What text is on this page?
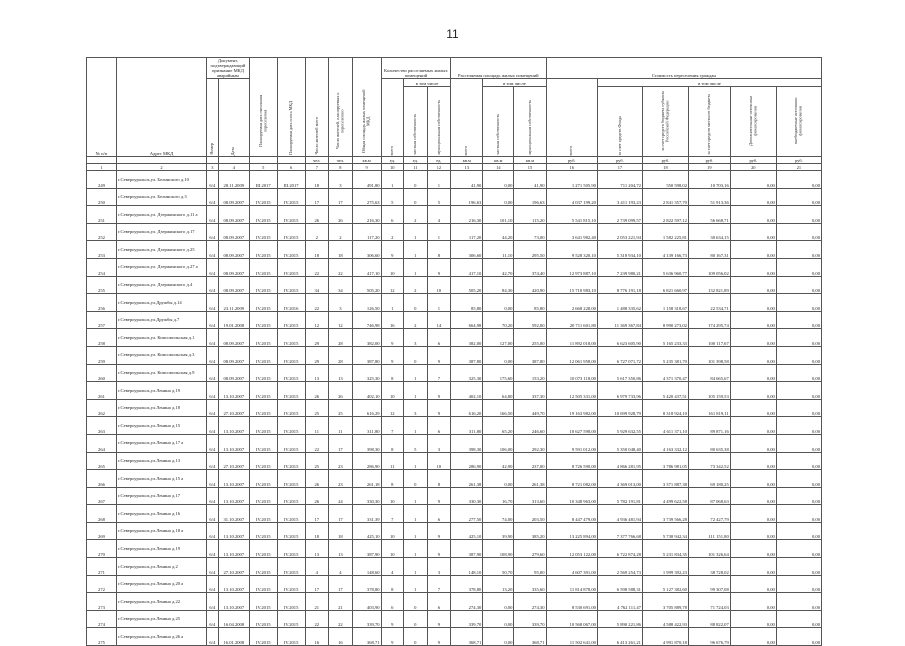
11
№ п/п	Адрес МКД	Документ, подтверждающий признание МКД аварийным		Планируемая дата окончания переселения	Планируемая дата сноса МКД	Число жителей всего	Число жителей, планируемых к переселению	Общая площадь жилых помещений МКД	Количество расселяемых жилых помещений			Расселяемая площадь жилых помещений			Стоимость переселения граждан					
		Номер	Дата						всего	в том числе		всего	в том числе		всего	в том числе				
										частная собственность	муниципальная собственность		частная собственность	муниципальная собственность		за счет средств Фонда	за счет средств бюджета субъекта Российской Федерации	за счет средств местного бюджета	Дополнительные источники финансирования	внебюджетные источники финансирования
						чел.	чел.	кв.м	ед.	ед.	ед.	кв.м	кв.м	кв.м	руб.	руб.	руб.	руб.	руб.	руб.
1	2	3	4	5	6	7	8	9	10	11	12	13	14	15	16	17	18	19	20	21
249	г.Североуральск,ул. Белинского д.10	6/4	28.11.2009	III.2017	III.2017	18	3	491,80	1	0	1	41,90	0,00	41,90	1 271 505,90	711 204,72	550 598,02	10 703,16	0,00	0,00
250	г.Североуральск,ул. Белинского д.3	6/4	08.09.2007	IV.2015	IV.2015	17	17	275,63	5	0	5	196,63	0,00	196,63	4 037 199,20	3 411 193,23	2 841 357,70	51 913,36	0,00	0,00
251	г.Североуральск,ул. Дзержинского д.11 а	6/4	08.09.2007	IV.2015	IV.2015	26	26	216,30	6	2	4	216,30	101,10	115,20	5 541 815,10	2 739 099,57	2 822 597,12	56 668,71	0,00	0,00
252	г.Североуральск,ул. Дзержинского д.17	6/4	08.09.2007	IV.2015	IV.2015	2	2	117,20	2	1	1	117,20	44,20	73,00	3 641 982,40	2 053 221,94	1 582 225,81	30 634,15	0,00	0,00
253	г.Североуральск,ул. Дзержинского д.25	6/4	08.09.2007	IV.2015	IV.2015	18	18	306,60	9	1	8	306,60	11,10	295,50	9 528 320,10	5 318 934,10	4 139 166,73	80 167,31	0,00	0,00
254	г.Североуральск,ул. Дзержинского д.27 а	6/4	08.09.2007	IV.2015	IV.2015	22	22	417,10	10	1	9	417,10	42,70	374,40	12 973 887,10	7 239 980,21	5 636 960,77	109 056,02	0,00	0,00
255	г.Североуральск,ул. Дзержинского д.4	6/4	08.09.2007	IV.2015	IV.2015	34	34	505,20	12	2	10	505,20	84,30	420,90	15 710 983,10	8 776 191,18	6 821 660,97	132 821,89	0,00	0,00
256	г.Североуральск,ул.Дружбы д.14	6/4	23.11.2009	IV.2015	IV.2016	22	3	126,50	1	0	1	85,80	0,00	85,80	2 668 228,00	1 488 335,62	1 158 318,67	22 534,71	0,00	0,00
257	г.Североуральск,ул.Дружбы д.7	6/4	19.01.2008	IV.2015	IV.2015	12	12	746,98	16	2	14	664,98	70,20	592,00	20 711 601,80	11 369 367,84	8 990 273,02	174 295,74	0,00	0,00
258	г.Североуральск,ул. Комсомольская д.1	6/4	08.09.2007	IV.2015	IV.2015	29	28	382,00	9	3	6	382,00	127,00	255,00	11 892 018,00	6 623 605,90	5 165 233,33	100 117,67	0,00	0,00
259	г.Североуральск,ул. Комсомольская д.3	6/4	08.09.2007	IV.2015	IV.2015	29	28	387,80	9	0	9	387,80	0,00	387,80	12 061 958,00	6 727 071,72	5 235 381,70	101 398,58	0,00	0,00
260	г.Североуральск,ул. Комсомольская д.9	6/4	08.09.2007	IV.2015	IV.2015	13	13	325,30	8	1	7	325,30	175,60	153,20	10 073 118,00	5 617 350,86	4 371 370,47	84 665,67	0,00	0,00
261	г.Североуральск,ул.Ленина д.19	6/4	13.10.2007	IV.2015	IV.2015	26	26	402,10	10	1	9	402,10	64,80	337,30	12 505 331,00	6 979 733,96	5 420 437,51	105 159,53	0,00	0,00
262	г.Североуральск,ул.Ленина д.18	6/4	27.10.2007	IV.2015	IV.2015	25	25	616,29	12	3	9	616,20	166,50	449,70	19 163 982,00	10 699 928,79	8 318 924,10	161 819,11	0,00	0,00
263	г.Североуральск,ул.Ленина д.15	6/4	13.10.2007	IV.2015	IV.2015	11	11	311,80	7	1	6	311,80	65,20	246,60	10 627 598,00	5 929 632,55	4 611 371,10	89 871,16	0,00	0,00
264	г.Североуральск,ул.Ленина д.17 а	6/4	13.10.2007	IV.2015	IV.2015	22	17	398,30	8	5	3	398,30	106,00	292,30	9 591 012,00	5 350 048,40	4 163 332,12	80 635,38	0,00	0,00
265	г.Североуральск,ул.Ленина д.13	6/4	27.10.2007	IV.2015	IV.2015	25	23	286,90	11	1	10	286,90	42,90	237,00	8 726 590,00	4 866 281,95	3 786 981,05	73 342,52	0,00	0,00
266	г.Североуральск,ул.Ленина д.15 а	6/4	13.10.2007	IV.2015	IV.2015	26	23	261,18	8	0	8	261,38	0,00	261,38	8 721 082,00	4 369 013,00	3 371 887,38	69 180,25	0,00	0,00
267	г.Североуральск,ул.Ленина д.17	6/4	13.10.2007	IV.2015	IV.2015	26	24	330,30	10	1	9	330,30	16,70	313,60	10 348 963,00	5 782 191,81	4 499 622,58	87 068,63	0,00	0,00
268	г.Североуральск,ул.Ленина д.16	6/4	31.10.2007	IV.2015	IV.2015	17	17	331,39	7	1	6	277,50	74,00	203,50	8 447 479,00	4 936 481,94	3 739 566,28	72 427,79	0,00	0,00
269	г.Североуральск,ул.Ленина д.18 а	6/4	13.10.2007	IV.2015	IV.2015	18	18	425,10	10	1	9	425,10	39,90	385,20	13 225 894,00	7 377 766,68	5 738 942,34	111 151,80	0,00	0,00
270	г.Североуральск,ул.Ленина д.19	6/4	13.10.2007	IV.2015	IV.2015	13	13	387,90	10	1	9	387,90	108,90	279,60	12 053 122,00	6 722 874,28	5 231 834,35	101 326,64	0,00	0,00
271	г.Североуральск,ул.Ленина д.2	6/4	27.10.2007	IV.2015	IV.2015	4	4	148,60	4	1	3	148,10	50,70	95,00	4 607 391,00	2 569 254,73	1 999 392,23	38 728,02	0,00	0,00
272	г.Североуральск,ул.Ленина д.20 а	6/4	13.10.2007	IV.2015	IV.2015	17	17	378,80	8	1	7	378,80	13,20	335,60	11 814 878,00	6 598 588,31	5 127 382,60	99 307,08	0,00	0,00
273	г.Североуральск,ул.Ленина д.22	6/4	13.10.2007	IV.2015	IV.2015	21	21	403,90	6	0	6	274,30	0,00	274,30	8 530 691,00	4 762 111,47	3 705 889,78	71 724,03	0,00	0,00
274	г.Североуральск,ул.Ленина д.25	6/4	16.04.2008	IV.2015	IV.2015	22	22	339,70	9	0	9	339,70	0,00	339,70	10 568 067,00	5 890 221,86	4 588 422,93	88 822,07	0,00	0,00
275	г.Североуральск,ул.Ленина д.26 а	6/4	16.01.2008	IV.2015	IV.2015	16	16	368,71	9	0	9	368,71	0,00	368,71	11 502 641,00	6 413 261,21	4 991 870,18	96 676,79	0,00	0,00
